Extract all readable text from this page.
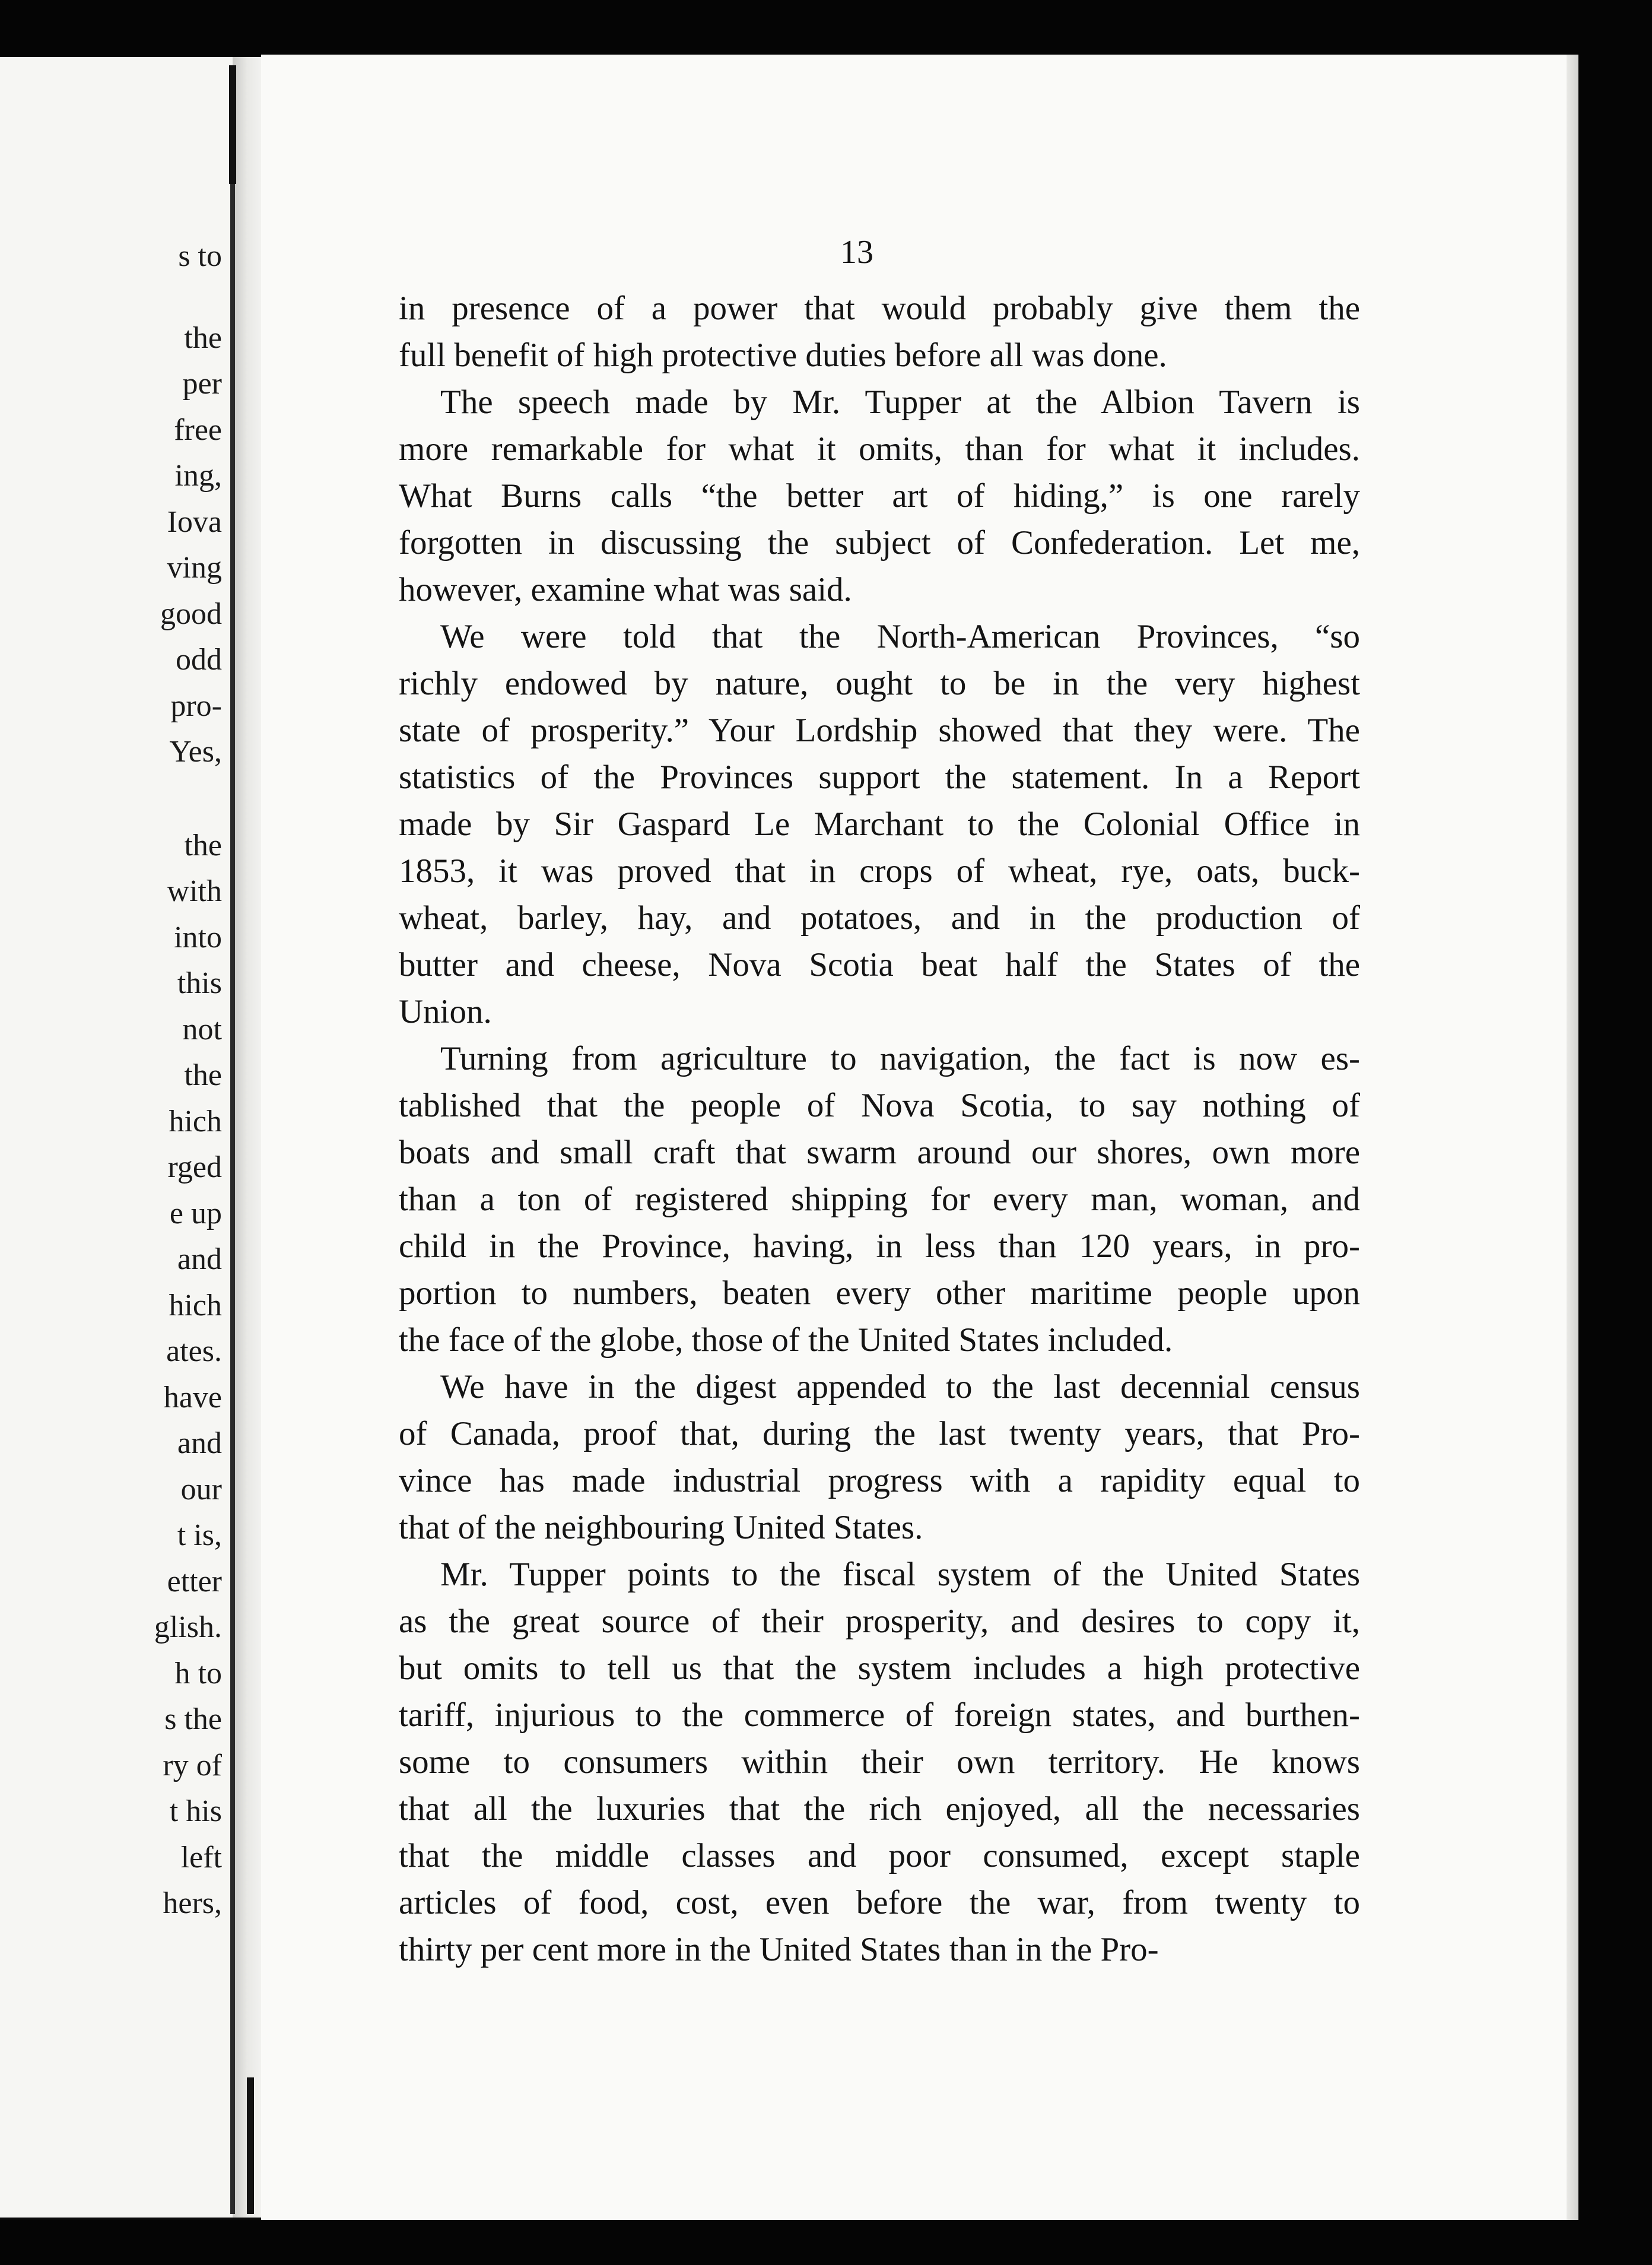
s to
the
per
free
ing,
Iova
ving
good
odd
pro-
Yes,
the
with
into
this
not
the
hich
rged
e up
and
hich
ates.
have
and
our
t is,
etter
glish.
h to
s the
ry of
t his
left
hers,
13
in presence of a power that would probably give them the
full benefit of high protective duties before all was done.
The speech made by Mr. Tupper at the Albion Tavern is
more remarkable for what it omits, than for what it includes.
What Burns calls “the better art of hiding,” is one rarely
forgotten in discussing the subject of Confederation. Let me,
however, examine what was said.
We were told that the North-American Provinces, “so
richly endowed by nature, ought to be in the very highest
state of prosperity.” Your Lordship showed that they were. The
statistics of the Provinces support the statement. In a Report
made by Sir Gaspard Le Marchant to the Colonial Office in
1853, it was proved that in crops of wheat, rye, oats, buck-
wheat, barley, hay, and potatoes, and in the production of
butter and cheese, Nova Scotia beat half the States of the
Union.
Turning from agriculture to navigation, the fact is now es-
tablished that the people of Nova Scotia, to say nothing of
boats and small craft that swarm around our shores, own more
than a ton of registered shipping for every man, woman, and
child in the Province, having, in less than 120 years, in pro-
portion to numbers, beaten every other maritime people upon
the face of the globe, those of the United States included.
We have in the digest appended to the last decennial census
of Canada, proof that, during the last twenty years, that Pro-
vince has made industrial progress with a rapidity equal to
that of the neighbouring United States.
Mr. Tupper points to the fiscal system of the United States
as the great source of their prosperity, and desires to copy it,
but omits to tell us that the system includes a high protective
tariff, injurious to the commerce of foreign states, and burthen-
some to consumers within their own territory. He knows
that all the luxuries that the rich enjoyed, all the necessaries
that the middle classes and poor consumed, except staple
articles of food, cost, even before the war, from twenty to
thirty per cent more in the United States than in the Pro-
